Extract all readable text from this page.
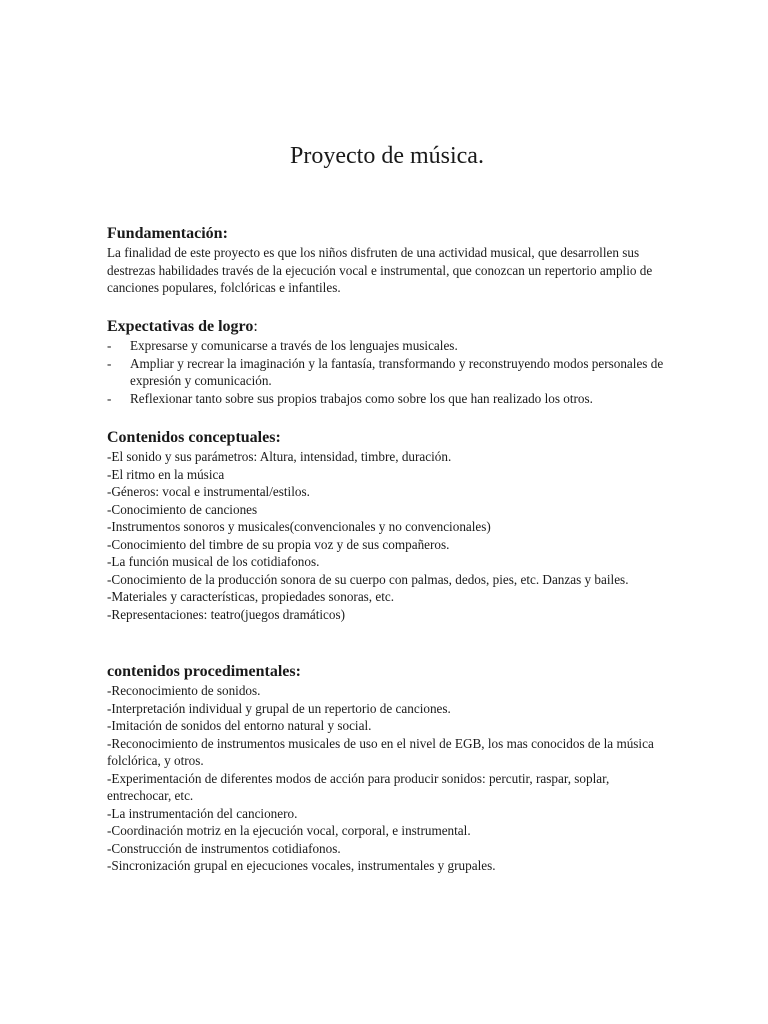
Proyecto de música.
Fundamentación:

La finalidad de este proyecto es que los niños disfruten de una actividad musical, que desarrollen sus destrezas habilidades través de la ejecución vocal e instrumental, que conozcan un repertorio amplio de canciones populares, folclóricas e infantiles.

Expectativas de logro:
- Expresarse y comunicarse a través de los lenguajes musicales.
- Ampliar y recrear la imaginación y la fantasía, transformando y reconstruyendo modos personales de expresión y comunicación.
- Reflexionar tanto sobre sus propios trabajos como sobre los que han realizado los otros.
Contenidos conceptuales:
-El sonido y sus parámetros: Altura, intensidad, timbre, duración.
-El ritmo en la música
-Géneros: vocal e instrumental/estilos.
-Conocimiento de canciones
-Instrumentos sonoros y musicales(convencionales y no convencionales)
-Conocimiento del timbre de su propia voz y de sus compañeros.
-La función musical de los cotidiafonos.
-Conocimiento de la producción sonora de su cuerpo con palmas, dedos, pies, etc. Danzas y bailes.
-Materiales y características, propiedades sonoras, etc.
-Representaciones: teatro(juegos dramáticos)
contenidos procedimentales:
-Reconocimiento de sonidos.
-Interpretación individual y grupal de un repertorio de canciones.
-Imitación de sonidos del entorno natural y social.
-Reconocimiento de instrumentos musicales de uso en el nivel de EGB, los mas conocidos de la música folclórica, y otros.
-Experimentación de diferentes modos de acción para producir sonidos: percutir, raspar, soplar, entrechocar, etc.
-La instrumentación del cancionero.
-Coordinación motriz en la ejecución vocal, corporal, e instrumental.
-Construcción de instrumentos cotidiafonos.
-Sincronización grupal en ejecuciones vocales, instrumentales y grupales.
